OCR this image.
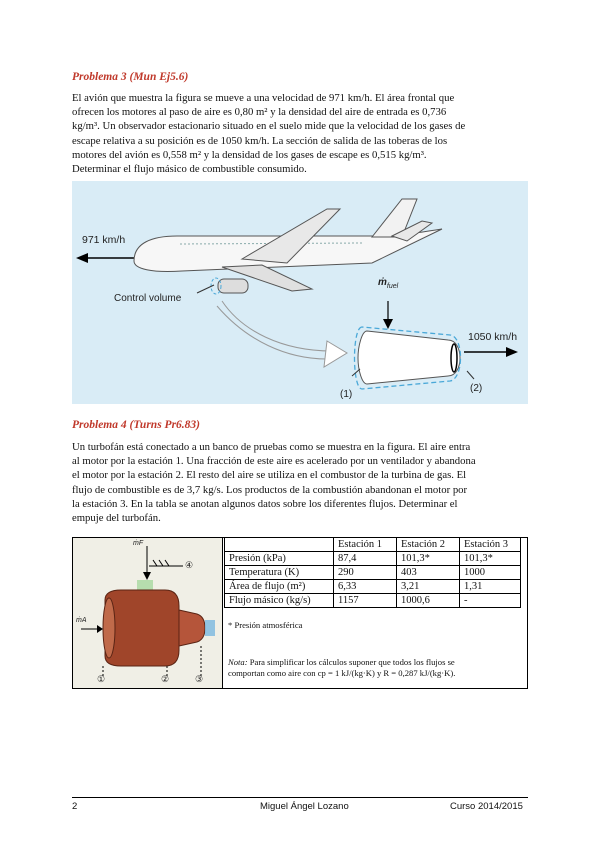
Problema 3 (Mun Ej5.6)
El avión que muestra la figura se mueve a una velocidad de 971 km/h. El área frontal que
ofrecen los motores al paso de aire es 0,80 m² y la densidad del aire de entrada es 0,736
kg/m³. Un observador estacionario situado en el suelo mide que la velocidad de los gases de
escape relativa a su posición es de 1050 km/h. La sección de salida de las toberas de los
motores del avión es 0,558 m² y la densidad de los gases de escape es 0,515 kg/m³.
Determinar el flujo másico de combustible consumido.
971 km/h
Control volume
ṁ$_{fuel}$
1050 km/h
(1)
(2)
Problema 4 (Turns Pr6.83)
Un turbofán está conectado a un banco de pruebas como se muestra en la figura. El aire entra
al motor por la estación 1. Una fracción de este aire es acelerado por un ventilador y abandona
el motor por la estación 2. El resto del aire se utiliza en el combustor de la turbina de gas. El
flujo de combustible es de 3,7 kg/s. Los productos de la combustión abandonan el motor por
la estación 3. En la tabla se anotan algunos datos sobre los diferentes flujos. Determinar el
empuje del turbofán.
ṁF
④
ṁA
①	②	③
	Estación 1	Estación 2	Estación 3
Presión (kPa)	87,4	101,3*	101,3*
Temperatura (K)	290	403	1000
Área de flujo (m²)	6,33	3,21	1,31
Flujo másico (kg/s)	1157	1000,6	-
* Presión atmosférica
Nota: Para simplificar los cálculos suponer que todos los flujos se
comportan como aire con cp = 1 kJ/(kg·K) y R = 0,287 kJ/(kg·K).
2	Miguel Ángel Lozano	Curso 2014/2015
